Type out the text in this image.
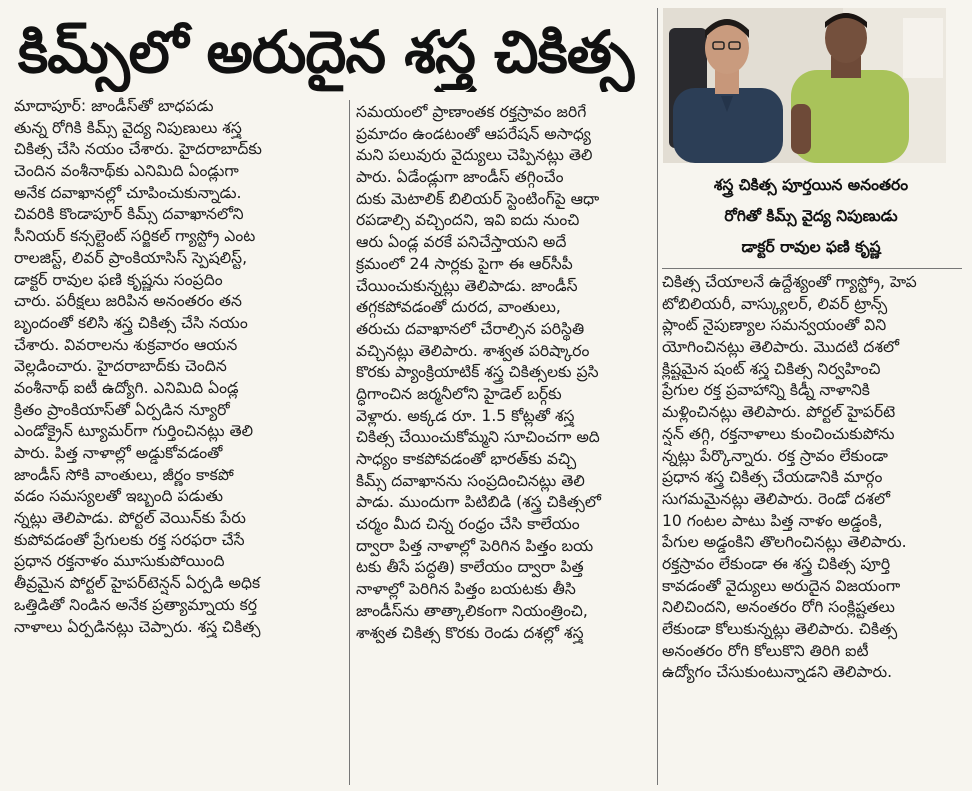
కిమ్స్‌లో అరుదైన శస్త్ర చికిత్స
శస్త్ర చికిత్స పూర్తయిన అనంతరం
రోగితో కిమ్స్ వైద్య నిపుణుడు
డాక్టర్ రావుల ఫణి కృష్ణ
మాదాపూర్: జాండీస్‌తో బాధపడు
తున్న రోగికి కిమ్స్ వైద్య నిపుణులు శస్త్ర
చికిత్స చేసి నయం చేశారు. హైదరాబాద్‌కు
చెందిన వంశీనాథ్‌కు ఎనిమిది ఏండ్లుగా
అనేక దవాఖానల్లో చూపించుకున్నాడు.
చివరికి కొండాపూర్ కిమ్స్ దవాఖానలోని
సీనియర్ కన్సల్టెంట్ సర్జికల్ గ్యాస్ట్రో ఎంట
రాలజిస్ట్, లివర్ ప్రాంకియాసిస్ స్పెషలిస్ట్,
డాక్టర్ రావుల ఫణి కృష్ణను సంప్రదిం
చారు. పరీక్షలు జరిపిన అనంతరం తన
బృందంతో కలిసి శస్త్ర చికిత్స చేసి నయం
చేశారు. వివరాలను శుక్రవారం ఆయన
వెల్లడించారు. హైదరాబాద్‌కు చెందిన
వంశీనాథ్ ఐటీ ఉద్యోగి. ఎనిమిది ఏండ్ల
క్రితం ప్రాంకియాస్‌తో ఏర్పడిన న్యూరో
ఎండోక్రైన్ ట్యూమర్‌గా గుర్తించినట్లు తెలి
పారు. పిత్త నాళాల్లో అడ్డుకోవడంతో
జాండీస్ సోకి వాంతులు, జీర్ణం కాకపో
వడం సమస్యలతో ఇబ్బంది పడుతు
న్నట్లు తెలిపాడు. పోర్టల్ వెయిన్‌కు పేరు
కుపోవడంతో ప్రేగులకు రక్త సరఫరా చేసే
ప్రధాన రక్తనాళం మూసుకుపోయింది
తీవ్రమైన పోర్టల్ హైపర్‌టెన్షన్ ఏర్పడి అధిక
ఒత్తిడితో నిండిన అనేక ప్రత్యామ్నాయ కర్త
నాళాలు ఏర్పడినట్లు చెప్పారు. శస్త్ర చికిత్స
సమయంలో ప్రాణాంతక రక్తస్రావం జరిగే
ప్రమాదం ఉండటంతో ఆపరేషన్ అసాధ్య
మని పలువురు వైద్యులు చెప్పినట్లు తెలి
పారు. ఏడేండ్లుగా జాండీస్ తగ్గించేం
దుకు మెటాలిక్ బిలియర్ స్టెంటింగ్‌పై ఆధా
రపడాల్సి వచ్చిందని, ఇవి ఐదు నుంచి
ఆరు ఏండ్ల వరకే పనిచేస్తాయని అదే
క్రమంలో 24 సార్లకు పైగా ఈ ఆర్‌సీపీ
చేయించుకున్నట్లు తెలిపాడు. జాండీస్
తగ్గకపోవడంతో దురద, వాంతులు,
తరుచు దవాఖానలో చేరాల్సిన పరిస్థితి
వచ్చినట్లు తెలిపారు. శాశ్వత పరిష్కారం
కొరకు ప్యాంక్రియాటిక్ శస్త్ర చికిత్సలకు ప్రసి
ద్ధిగాంచిన జర్మనీలోని హైడెల్ బర్గ్‌కు
వెళ్లారు. అక్కడ రూ. 1.5 కోట్లతో శస్త్ర
చికిత్స చేయించుకోమ్మని సూచించగా అది
సాధ్యం కాకపోవడంతో భారత్‌కు వచ్చి
కిమ్స్ దవాఖానను సంప్రదించినట్లు తెలి
పాడు. ముందుగా పిటిబిడి (శస్త్ర చికిత్సలో
చర్మం మీద చిన్న రంధ్రం చేసి కాలేయం
ద్వారా పిత్త నాళాల్లో పెరిగిన పిత్తం బయ
టకు తీసే పద్ధతి) కాలేయం ద్వారా పిత్త
నాళాల్లో పెరిగిన పిత్తం బయటకు తీసి
జాండీస్‌ను తాత్కాలికంగా నియంత్రించి,
శాశ్వత చికిత్స కొరకు రెండు దశల్లో శస్త్ర
చికిత్స చేయాలనే ఉద్దేశ్యంతో గ్యాస్ట్రో, హెప
టోబిలియరీ, వాస్క్యులర్, లివర్ ట్రాన్స్
ప్లాంట్ నైపుణ్యాల సమన్వయంతో విని
యోగించినట్లు తెలిపారు. మొదటి దశలో
క్లిష్టమైన షంట్ శస్త్ర చికిత్స నిర్వహించి
ప్రేగుల రక్త ప్రవాహాన్ని కిడ్నీ నాళానికి
మళ్లించినట్లు తెలిపారు. పోర్టల్ హైపర్‌టె
న్షన్ తగ్గి, రక్తనాళాలు కుంచించుకుపోను
న్నట్లు పేర్కొన్నారు. రక్త స్రావం లేకుండా
ప్రధాన శస్త్ర చికిత్స చేయడానికి మార్గం
సుగమమైనట్లు తెలిపారు. రెండో దశలో
10 గంటల పాటు పిత్త నాళం అడ్డంకి,
పేగుల అడ్డంకిని తొలగించినట్లు తెలిపారు.
రక్తస్రావం లేకుండా ఈ శస్త్ర చికిత్స పూర్తి
కావడంతో వైద్యులు అరుదైన విజయంగా
నిలిచిందని, అనంతరం రోగి సంక్లిష్టతలు
లేకుండా కోలుకున్నట్లు తెలిపారు. చికిత్స
అనంతరం రోగి కోలుకొని తిరిగి ఐటీ
ఉద్యోగం చేసుకుంటున్నాడని తెలిపారు.
